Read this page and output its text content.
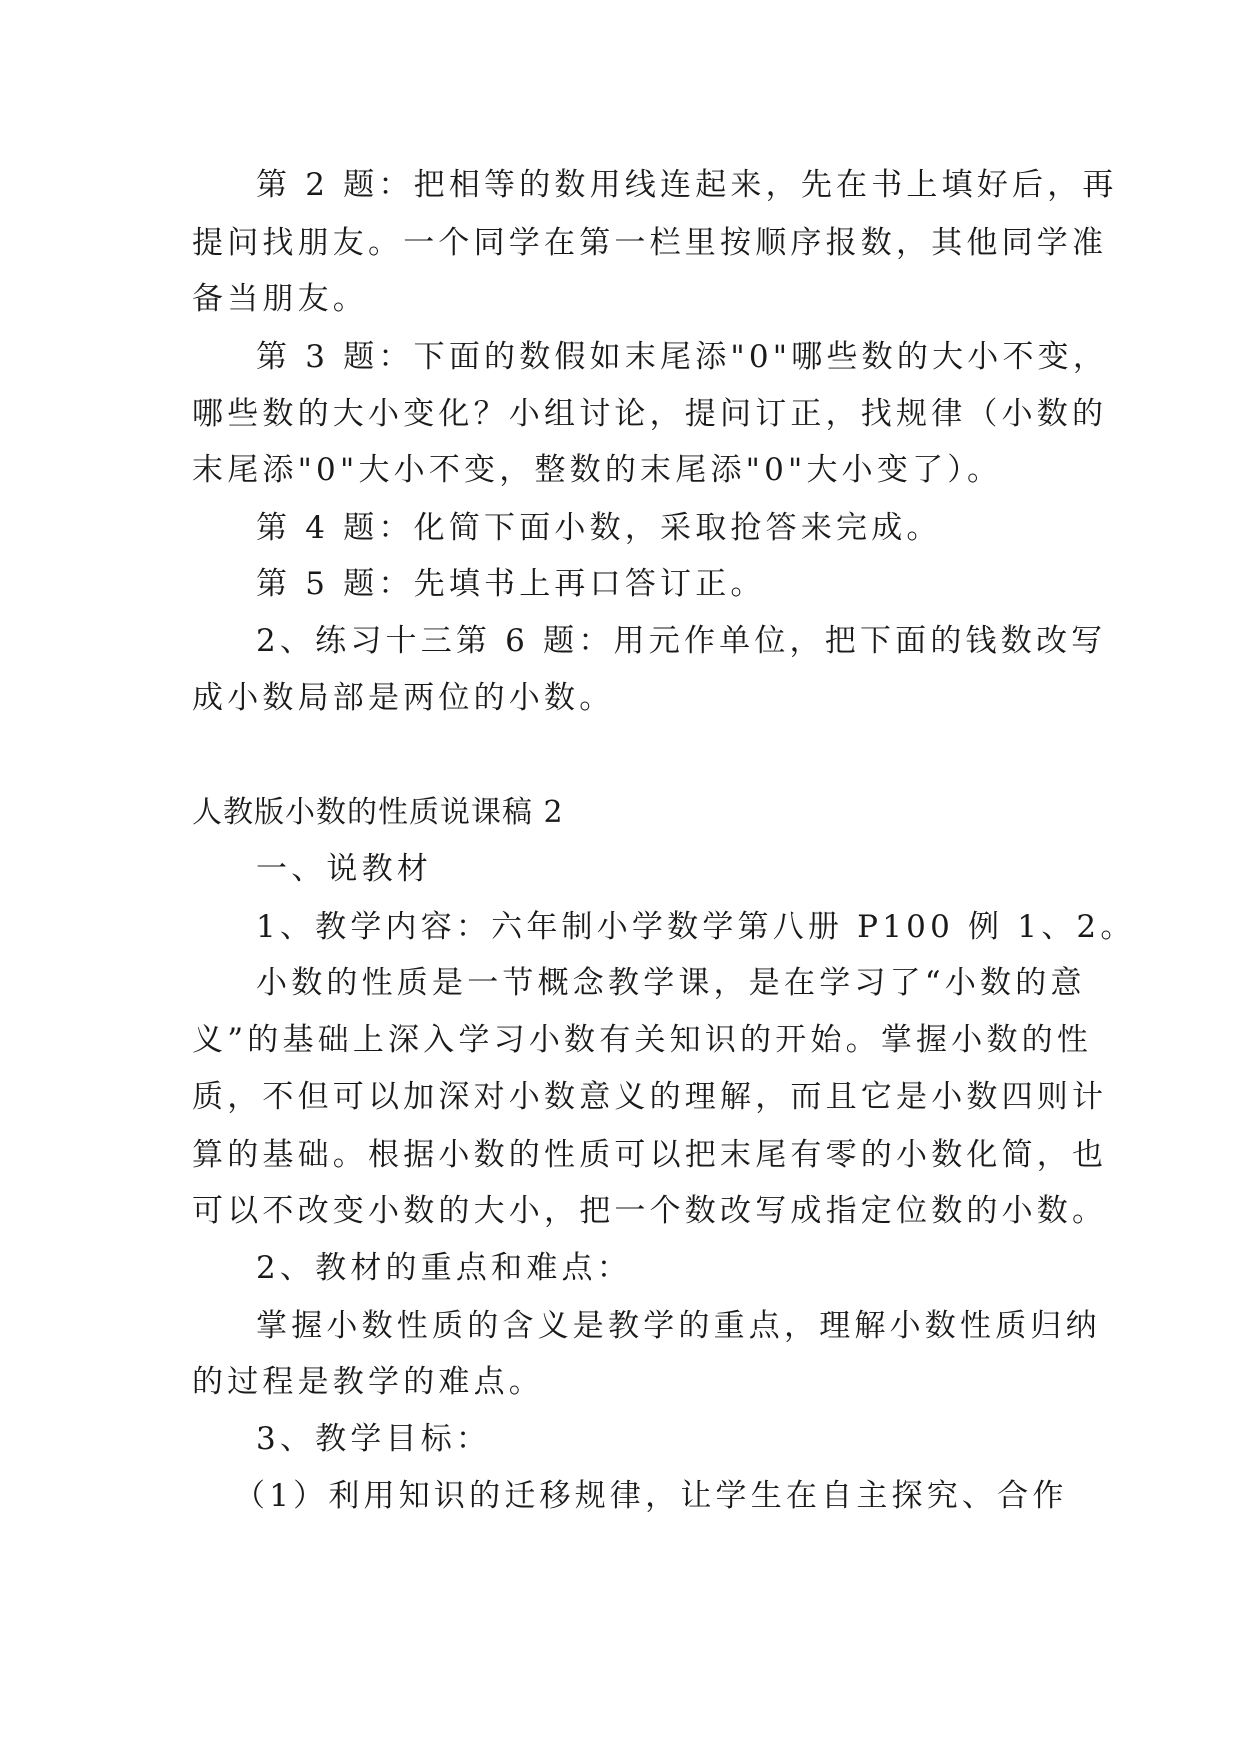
第 2 题：把相等的数用线连起来，先在书上填好后，再
提问找朋友。一个同学在第一栏里按顺序报数，其他同学准
备当朋友。
第 3 题：下面的数假如末尾添"0"哪些数的大小不变，
哪些数的大小变化？小组讨论，提问订正，找规律（小数的
末尾添"0"大小不变，整数的末尾添"0"大小变了）。
第 4 题：化简下面小数，采取抢答来完成。
第 5 题：先填书上再口答订正。
2、练习十三第 6 题：用元作单位，把下面的钱数改写
成小数局部是两位的小数。
人教版小数的性质说课稿 2
一、说教材
1、教学内容：六年制小学数学第八册 P100 例 1、2。
小数的性质是一节概念教学课，是在学习了“小数的意
义”的基础上深入学习小数有关知识的开始。掌握小数的性
质，不但可以加深对小数意义的理解，而且它是小数四则计
算的基础。根据小数的性质可以把末尾有零的小数化简，也
可以不改变小数的大小，把一个数改写成指定位数的小数。
2、教材的重点和难点：
掌握小数性质的含义是教学的重点，理解小数性质归纳
的过程是教学的难点。
3、教学目标：
（1）利用知识的迁移规律，让学生在自主探究、合作
